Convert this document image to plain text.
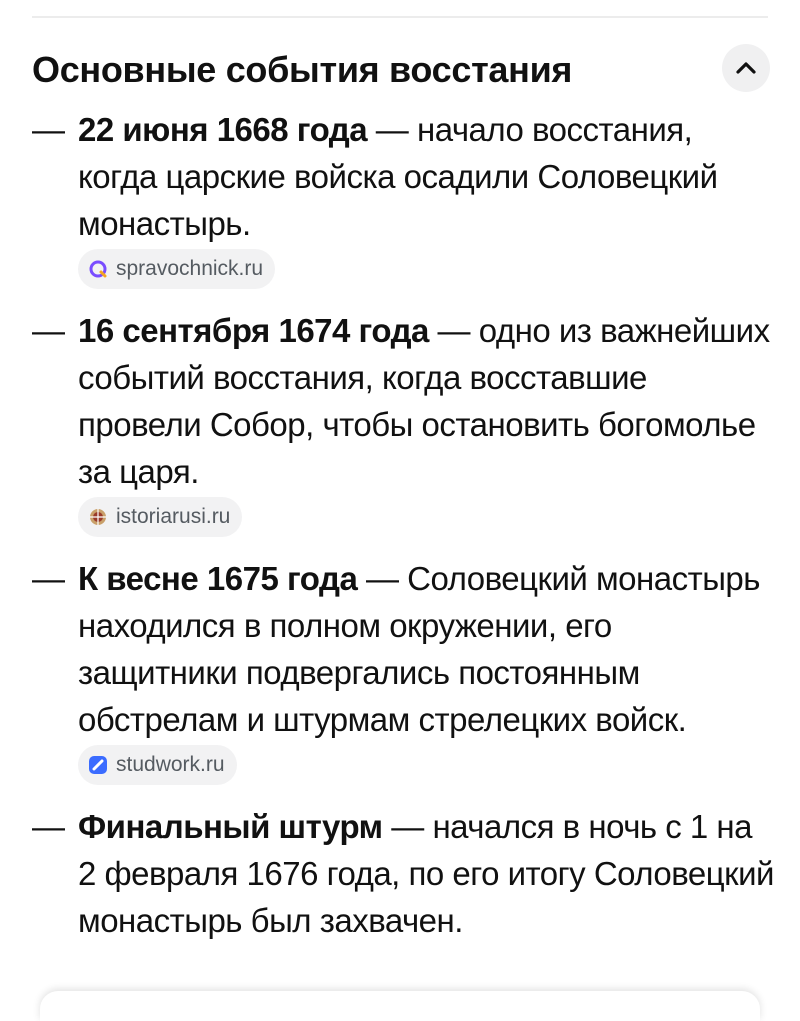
Основные события восстания
— 22 июня 1668 года — начало восстания, когда царские войска осадили Соловецкий монастырь.
spravochnick.ru
— 16 сентября 1674 года — одно из важнейших событий восстания, когда восставшие провели Собор, чтобы остановить богомолье за царя.
istoriarusi.ru
— К весне 1675 года — Соловецкий монастырь находился в полном окружении, его защитники подвергались постоянным обстрелам и штурмам стрелецких войск.
studwork.ru
— Финальный штурм — начался в ночь с 1 на 2 февраля 1676 года, по его итогу Соловецкий монастырь был захвачен.
